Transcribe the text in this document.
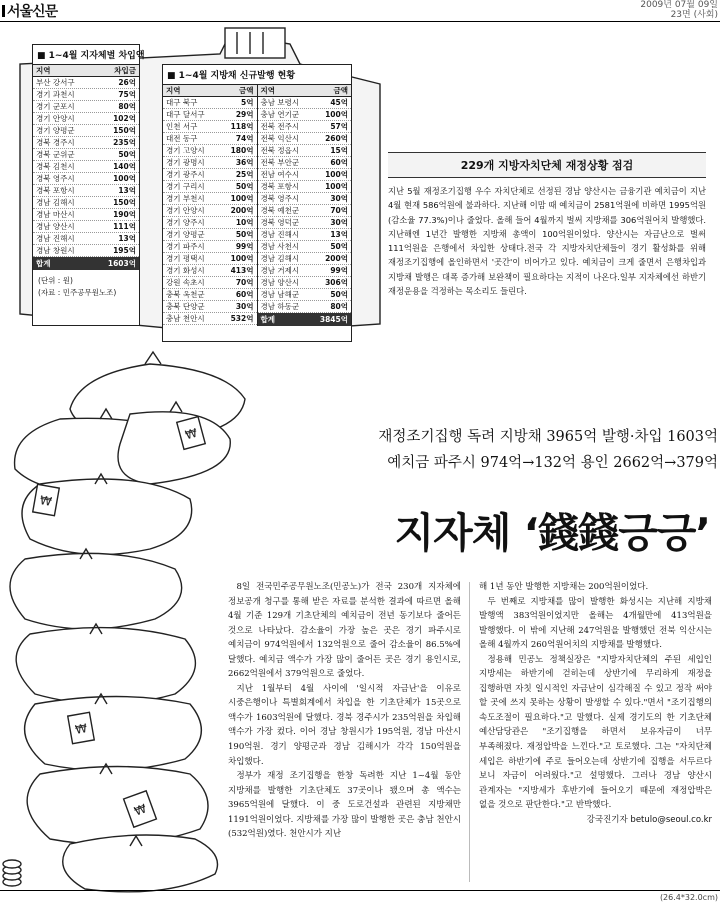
서울신문	2009년 07월 09일
23면 (사회)
₩
₩
₩
₩
■ 1~4월 지자체별 차입액
지역	차입금
부산 강서구	26억
경기 과천시	75억
경기 군포시	80억
경기 안양시	102억
경기 양평군	150억
경북 경주시	235억
경북 군위군	50억
경북 김천시	140억
경북 영주시	100억
경북 포항시	13억
경남 김해시	150억
경남 마산시	190억
경남 양산시	111억
경남 진해시	13억
경남 창원시	195억
합계	1603억
(단위 : 원)
(자료 : 민주공무원노조)
■ 1~4월 지방채 신규발행 현황
지역	금액
대구 북구	5억
대구 달서구	29억
인천 서구	118억
대전 동구	74억
경기 고양시	180억
경기 광명시	36억
경기 광주시	25억
경기 구리시	50억
경기 부천시	100억
경기 안양시	200억
경기 양주시	10억
경기 양평군	50억
경기 파주시	99억
경기 평택시	100억
경기 화성시	413억
강원 속초시	70억
충북 옥천군	60억
충북 단양군	30억
충남 천안시	532억
지역	금액
충남 보령시	45억
충남 연기군	100억
전북 전주시	57억
전북 익산시	260억
전북 정읍시	15억
전북 부안군	60억
전남 여수시	100억
경북 포항시	100억
경북 영주시	30억
경북 예천군	70억
경북 영덕군	30억
경남 진해시	13억
경남 사천시	50억
경남 김해시	200억
경남 거제시	99억
경남 양산시	306억
경남 남해군	50억
경남 하동군	80억
합계	3845억
229개 지방자치단체 재정상황 점검
지난 5월 재정조기집행 우수 자치단체로 선정된 경남 양산시는 금융기관 예치금이 지난 4월 현재 586억원에 불과하다. 지난해 이맘 때 예치금이 2581억원에 비하면 1995억원 (감소율 77.3%)이나 줄었다. 올해 들어 4월까지 벌써 지방채를 306억원어치 발행했다. 지난해엔 1년간 발행한 지방채 총액이 100억원이었다. 양산시는 자금난으로 벌써 111억원을 은행에서 차입한 상태다.전국 각 지방자치단체들이 경기 활성화를 위해 재정조기집행에 올인하면서 '곳간'이 비어가고 있다. 예치금이 크게 줄면서 은행차입과 지방채 발행은 대폭 증가해 보완책이 필요하다는 지적이 나온다.일부 지자체에선 하반기 재정운용을 걱정하는 목소리도 들린다.
재정조기집행 독려 지방채 3965억 발행·차입 1603억
예치금 파주시 974억→132억 용인 2662억→379억
지자체 ‘錢錢긍긍’

8일 전국민주공무원노조(민공노)가 전국 230개 지자체에 정보공개 청구를 통해 받은 자료를 분석한 결과에 따르면 올해 4월 기준 129개 기초단체의 예치금이 전년 동기보다 줄어든 것으로 나타났다. 감소율이 가장 높은 곳은 경기 파주시로 예치금이 974억원에서 132억원으로 줄어 감소율이 86.5%에 달했다. 예치금 액수가 가장 많이 줄어든 곳은 경기 용인시로, 2662억원에서 379억원으로 줄었다.

지난 1월부터 4월 사이에 '일시적 자금난'을 이유로 시중은행이나 특별회계에서 차입을 한 기초단체가 15곳으로 액수가 1603억원에 달했다. 경북 경주시가 235억원을 차입해 액수가 가장 컸다. 이어 경남 창원시가 195억원, 경남 마산시 190억원. 경기 양평군과 경남 김해시가 각각 150억원을 차입했다.

정부가 재정 조기집행을 한창 독려한 지난 1~4월 동안 지방채를 발행한 기초단체도 37곳이나 됐으며 총 액수는 3965억원에 달했다. 이 중 도로건설과 관련된 지방채만 1191억원이었다. 지방채를 가장 많이 발행한 곳은 충남 천안시(532억원)였다. 천안시가 지난

해 1년 동안 발행한 지방채는 200억원이었다.

두 번째로 지방채를 많이 발행한 화성시는 지난해 지방채 발행액 383억원이었지만 올해는 4개월만에 413억원을 발행했다. 이 밖에 지난해 247억원을 발행했던 전북 익산시는 올해 4월까지 260억원어치의 지방채를 발행했다.

정용해 민공노 정책실장은 "지방자치단체의 주된 세입인 지방세는 하반기에 걷히는데 상반기에 무리하게 재정을 집행하면 자칫 일시적인 자금난이 심각해질 수 있고 정작 써야 할 곳에 쓰지 못하는 상황이 발생할 수 있다."면서 "조기집행의 속도조절이 필요하다."고 말했다. 실제 경기도의 한 기초단체 예산담당관은 "조기집행을 하면서 보유자금이 너무 부족해졌다. 재정압박을 느낀다."고 토로했다. 그는 "자치단체 세입은 하반기에 주로 들어오는데 상반기에 집행을 서두르다 보니 자금이 어려웠다."고 설명했다. 그러나 경남 양산시 관계자는 "지방세가 후반기에 들어오기 때문에 재정압박은 없을 것으로 판단한다."고 반박했다.

강국진기자 betulo@seoul.co.kr
(26.4*32.0cm)
